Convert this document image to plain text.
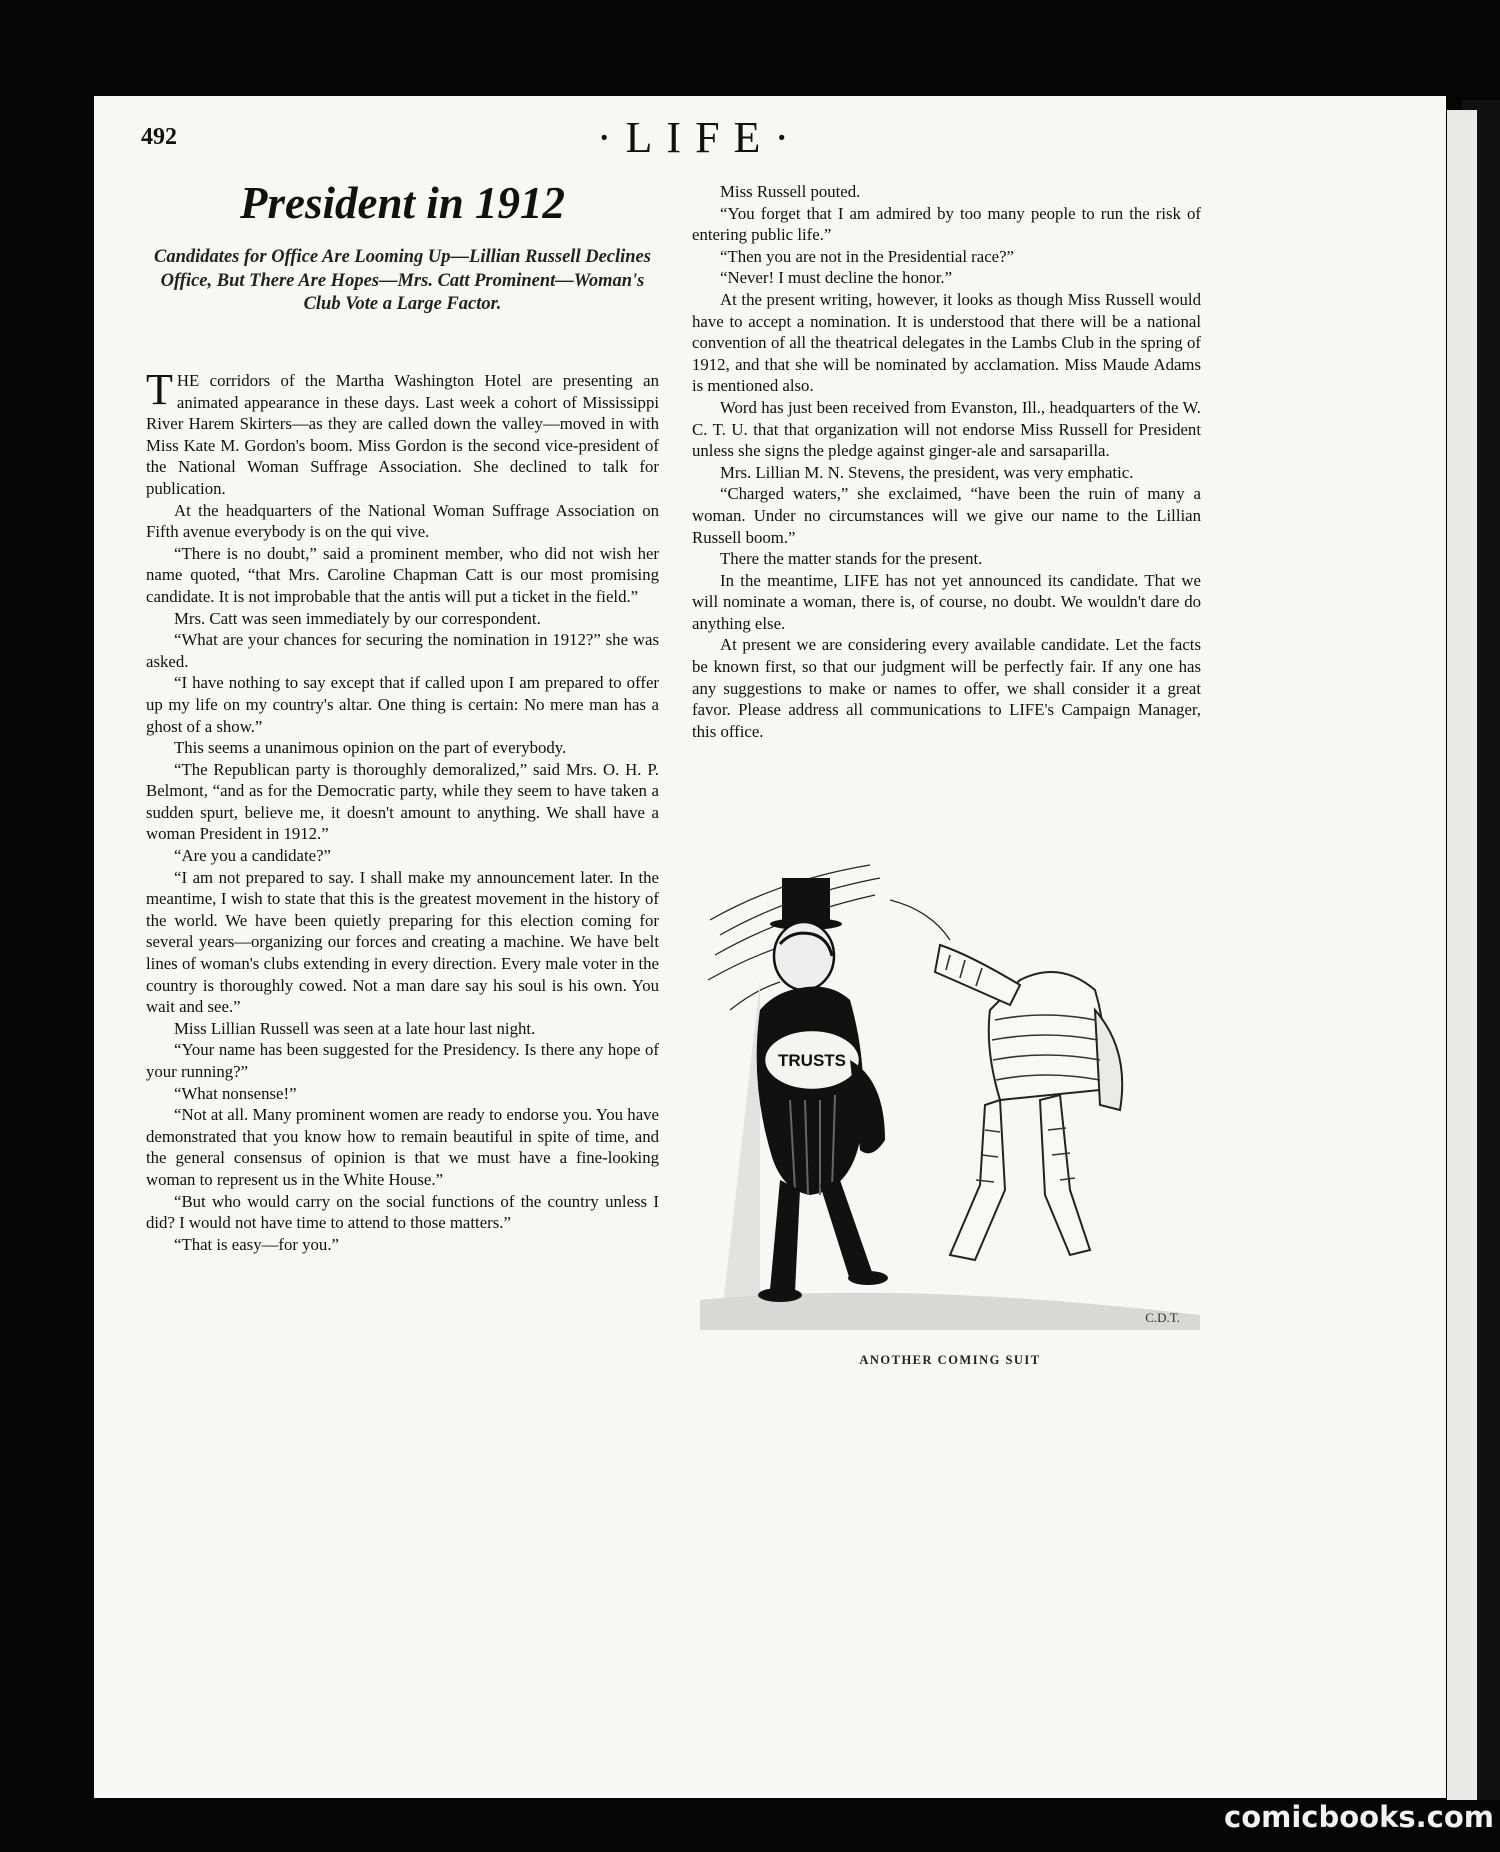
492	·LIFE·
President in 1912
Candidates for Office Are Looming Up—Lillian Russell Declines Office, But There Are Hopes—Mrs. Catt Prominent—Woman's Club Vote a Large Factor.

THE corridors of the Martha Washington Hotel are presenting an animated appearance in these days. Last week a cohort of Mississippi River Harem Skirters—as they are called down the valley—moved in with Miss Kate M. Gordon's boom. Miss Gordon is the second vice-president of the National Woman Suffrage Association. She declined to talk for publication.

At the headquarters of the National Woman Suffrage Association on Fifth avenue everybody is on the qui vive.

“There is no doubt,” said a prominent member, who did not wish her name quoted, “that Mrs. Caroline Chapman Catt is our most promising candidate. It is not improbable that the antis will put a ticket in the field.”

Mrs. Catt was seen immediately by our correspondent.

“What are your chances for securing the nomination in 1912?” she was asked.

“I have nothing to say except that if called upon I am prepared to offer up my life on my country's altar. One thing is certain: No mere man has a ghost of a show.”

This seems a unanimous opinion on the part of everybody.

“The Republican party is thoroughly demoralized,” said Mrs. O. H. P. Belmont, “and as for the Democratic party, while they seem to have taken a sudden spurt, believe me, it doesn't amount to anything. We shall have a woman President in 1912.”

“Are you a candidate?”

“I am not prepared to say. I shall make my announcement later. In the meantime, I wish to state that this is the greatest movement in the history of the world. We have been quietly preparing for this election coming for several years—organizing our forces and creating a machine. We have belt lines of woman's clubs extending in every direction. Every male voter in the country is thoroughly cowed. Not a man dare say his soul is his own. You wait and see.”

Miss Lillian Russell was seen at a late hour last night.

“Your name has been suggested for the Presidency. Is there any hope of your running?”

“What nonsense!”

“Not at all. Many prominent women are ready to endorse you. You have demonstrated that you know how to remain beautiful in spite of time, and the general consensus of opinion is that we must have a fine-looking woman to represent us in the White House.”

“But who would carry on the social functions of the country unless I did? I would not have time to attend to those matters.”

“That is easy—for you.”

Miss Russell pouted.

“You forget that I am admired by too many people to run the risk of entering public life.”

“Then you are not in the Presidential race?”

“Never! I must decline the honor.”

At the present writing, however, it looks as though Miss Russell would have to accept a nomination. It is understood that there will be a national convention of all the theatrical delegates in the Lambs Club in the spring of 1912, and that she will be nominated by acclamation. Miss Maude Adams is mentioned also.

Word has just been received from Evanston, Ill., headquarters of the W. C. T. U. that that organization will not endorse Miss Russell for President unless she signs the pledge against ginger-ale and sarsaparilla.

Mrs. Lillian M. N. Stevens, the president, was very emphatic.

“Charged waters,” she exclaimed, “have been the ruin of many a woman. Under no circumstances will we give our name to the Lillian Russell boom.”

There the matter stands for the present.

In the meantime, LIFE has not yet announced its candidate. That we will nominate a woman, there is, of course, no doubt. We wouldn't dare do anything else.

At present we are considering every available candidate. Let the facts be known first, so that our judgment will be perfectly fair. If any one has any suggestions to make or names to offer, we shall consider it a great favor. Please address all communications to LIFE's Campaign Manager, this office.

TRUSTS
C.D.T.
ANOTHER COMING SUIT
comicbooks.com
